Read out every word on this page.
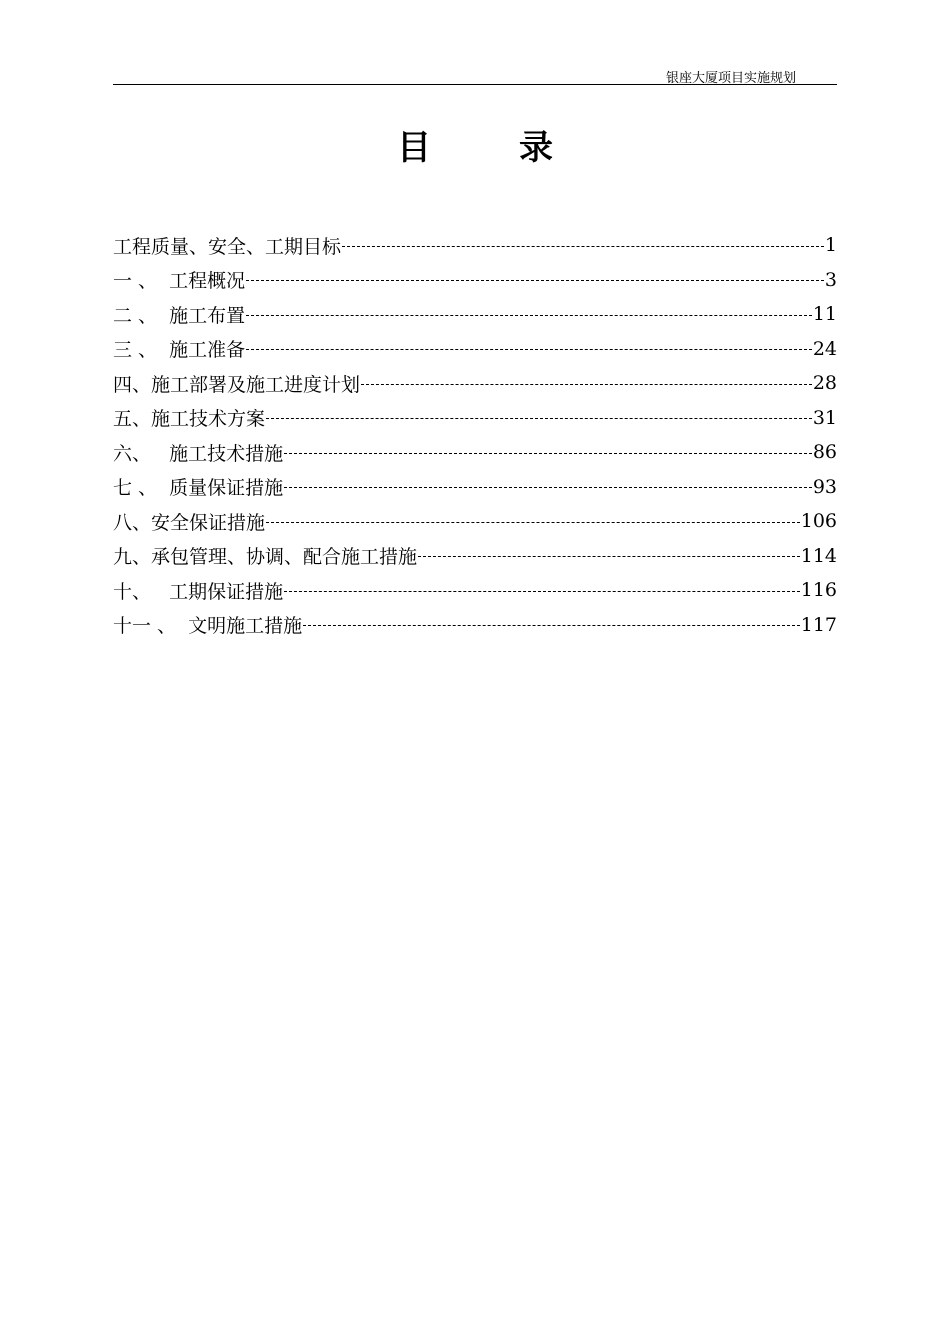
银座大厦项目实施规划
目	录
工程质量、安全、工期目标	1
一 、  工程概况	3
二 、  施工布置	11
三 、  施工准备	24
四、施工部署及施工进度计划	28
五、施工技术方案	31
六、   施工技术措施	86
七 、  质量保证措施	93
八、安全保证措施	106
九、承包管理、协调、配合施工措施	114
十、   工期保证措施	116
十一 、  文明施工措施	117
